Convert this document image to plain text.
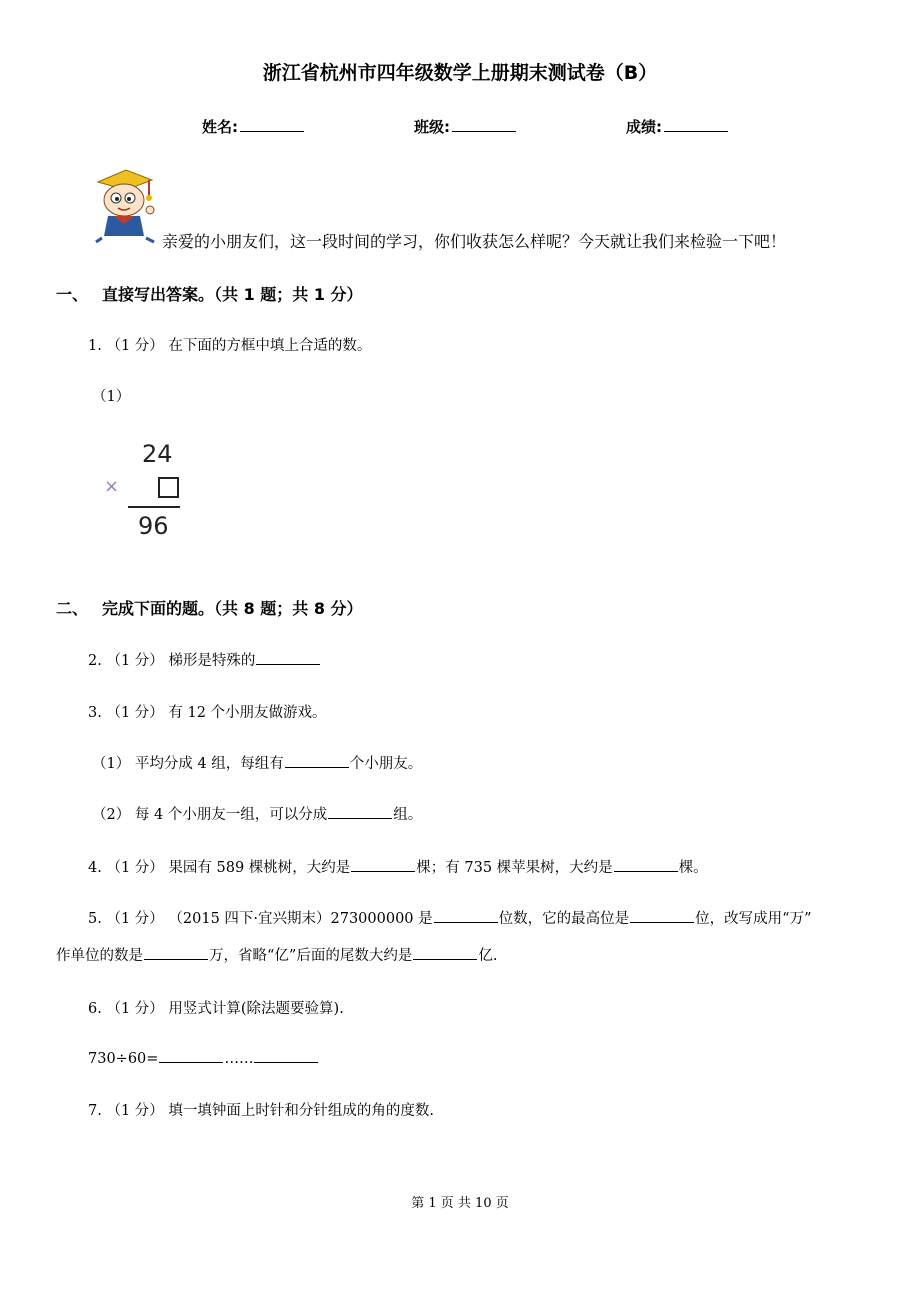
浙江省杭州市四年级数学上册期末测试卷（B）
姓名:	班级:	成绩:
亲爱的小朋友们，这一段时间的学习，你们收获怎么样呢？今天就让我们来检验一下吧！
一、 直接写出答案。（共 1 题；共 1 分）
1. （1 分） 在下面的方框中填上合适的数。
（1）
24
×
96
二、 完成下面的题。（共 8 题；共 8 分）
2. （1 分） 梯形是特殊的
3. （1 分） 有 12 个小朋友做游戏。
（1） 平均分成 4 组，每组有	个小朋友。
（2） 每 4 个小朋友一组，可以分成	组。
4. （1 分） 果园有 589 棵桃树，大约是	棵；有 735 棵苹果树，大约是	棵。
5. （1 分） （2015 四下·宜兴期末）273000000 是	位数，它的最高位是	位，改写成用“万”
作单位的数是	万，省略“亿”后面的尾数大约是	亿.
6. （1 分） 用竖式计算(除法题要验算).
730÷60=	……
7. （1 分） 填一填钟面上时针和分针组成的角的度数.
第 1 页 共 10 页
